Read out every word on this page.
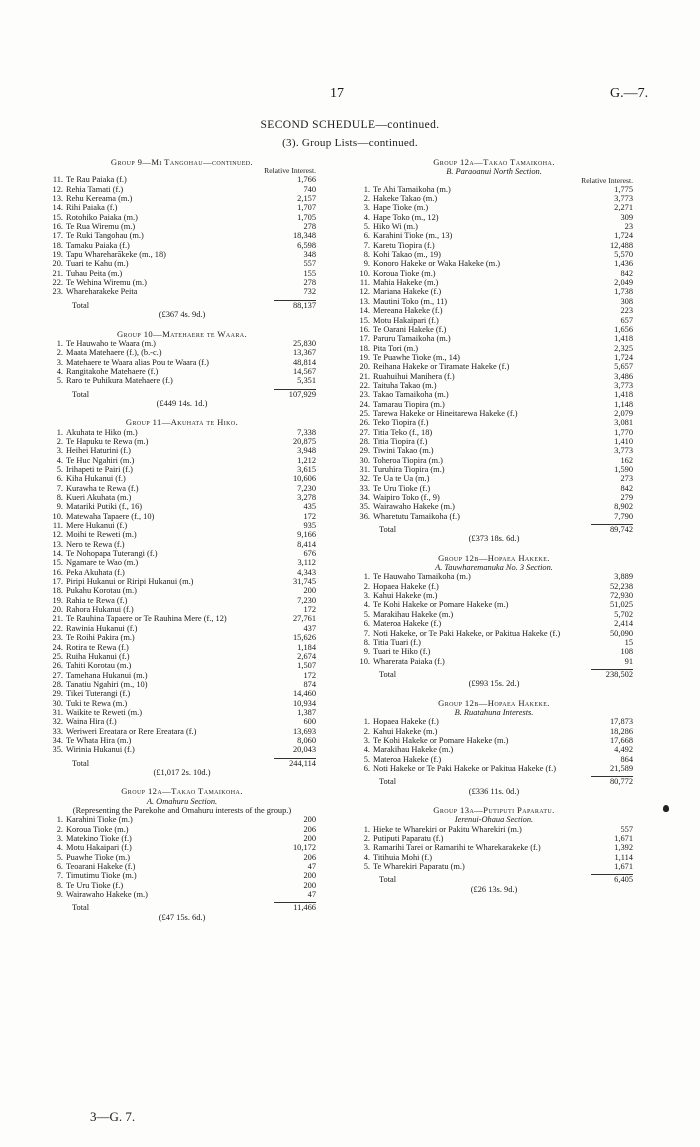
17	G.—7.
SECOND SCHEDULE—continued.
(3). Group Lists—continued.
Group 9—Mi Tangohau—continued.
Relative Interest.
11. Te Rau Paiaka (f.)	1,766
12. Rehia Tamati (f.)	740
13. Rehu Kereama (m.)	2,157
14. Rihi Paiaka (f.)	1,707
15. Rotohiko Paiaka (m.)	1,705
16. Te Rua Wiremu (m.)	278
17. Te Ruki Tangohau (m.)	18,348
18. Tamaku Paiaka (f.)	6,598
19. Tapu Whareharākeke (m., 18)	348
20. Tuari te Kahu (m.)	557
21. Tuhau Peita (m.)	155
22. Te Wehina Wiremu (m.)	278
23. Whareharakeke Peita	732
Total	88,137
(£367 4s. 9d.)
Group 10—Matehaere te Waara.
1. Te Hauwaho te Waara (m.)	25,830
2. Maata Matehaere (f.), (b.-c.)	13,367
3. Matehaere te Waara alias Pou te Waara (f.)	48,814
4. Rangitakohe Matehaere (f.)	14,567
5. Raro te Puhikura Matehaere (f.)	5,351
Total	107,929
(£449 14s. 1d.)
Group 11—Akuhata te Hiko.
1. Akuhata te Hiko (m.)	7,338
2. Te Hapuku te Rewa (m.)	20,875
3. Heihei Haturini (f.)	3,948
4. Te Huc Ngahiri (m.)	1,212
5. Irihapeti te Pairi (f.)	3,615
6. Kiha Hukanui (f.)	10,606
7. Kurawha te Rewa (f.)	7,230
8. Kueri Akuhata (m.)	3,278
9. Matariki Putiki (f., 16)	435
10. Matewaha Tapaere (f., 10)	172
11. Mere Hukanui (f.)	935
12. Moihi te Reweti (m.)	9,166
13. Nero te Rewa (f.)	8,414
14. Te Nohopapa Tuterangi (f.)	676
15. Ngamare te Wao (m.)	3,112
16. Peka Akuhata (f.)	4,343
17. Piripi Hukanui or Riripi Hukanui (m.)	31,745
18. Pukahu Korotau (m.)	200
19. Rahia te Rewa (f.)	7,230
20. Rahora Hukanui (f.)	172
21. Te Rauhina Tapaere or Te Rauhina Mere (f., 12)	27,761
22. Rawinia Hukanui (f.)	437
23. Te Roihi Pakira (m.)	15,626
24. Rotira te Rewa (f.)	1,184
25. Ruiha Hukanui (f.)	2,674
26. Tahiti Korotau (m.)	1,507
27. Tamehana Hukanui (m.)	172
28. Tanatiu Ngahiri (m., 10)	874
29. Tikei Tuterangi (f.)	14,460
30. Tuki te Rewa (m.)	10,934
31. Waikite te Reweti (m.)	1,387
32. Waina Hira (f.)	600
33. Weriweri Ereatara or Rere Ereatara (f.)	13,693
34. Te Whata Hira (m.)	8,060
35. Wirinia Hukanui (f.)	20,043
Total	244,114
(£1,017 2s. 10d.)
Group 12a—Takao Tamaikoha.
A. Omahuru Section.
(Representing the Parekohe and Omahuru interests of the group.)
1. Karahini Tioke (m.)	200
2. Koroua Tioke (m.)	206
3. Matekino Tioke (f.)	200
4. Motu Hakaipari (f.)	10,172
5. Puawhe Tioke (m.)	206
6. Teoarani Hakeke (f.)	47
7. Timutimu Tioke (m.)	200
8. Te Uru Tioke (f.)	200
9. Wairawaho Hakeke (m.)	47
Total	11,466
(£47 15s. 6d.)
Group 12a—Takao Tamaikoha.
B. Paraoanui North Section.
Relative Interest.
1. Te Ahi Tamaikoha (m.)	1,775
2. Hakeke Takao (m.)	3,773
3. Hape Tioke (m.)	2,271
4. Hape Toko (m., 12)	309
5. Hiko Wi (m.)	23
6. Karahini Tioke (m., 13)	1,724
7. Karetu Tiopira (f.)	12,488
8. Kohi Takao (m., 19)	5,570
9. Konoro Hakeke or Waka Hakeke (m.)	1,436
10. Koroua Tioke (m.)	842
11. Mahia Hakeke (m.)	2,049
12. Mariana Hakeke (f.)	1,738
13. Mautini Toko (m., 11)	308
14. Mereana Hakeke (f.)	223
15. Motu Hakaipari (f.)	657
16. Te Oarani Hakeke (f.)	1,656
17. Paruru Tamaikoha (m.)	1,418
18. Pita Tori (m.)	2,325
19. Te Puawhe Tioke (m., 14)	1,724
20. Reihana Hakeke or Tiramate Hakeke (f.)	5,657
21. Ruahuihui Manihera (f.)	3,486
22. Taituha Takao (m.)	3,773
23. Takao Tamaikoha (m.)	1,418
24. Tamarau Tiopira (m.)	1,148
25. Tarewa Hakeke or Hineitarewa Hakeke (f.)	2,079
26. Teko Tiopira (f.)	3,081
27. Titia Teko (f., 18)	1,770
28. Titia Tiopira (f.)	1,410
29. Tiwini Takao (m.)	3,773
30. Toheroa Tiopira (m.)	162
31. Turuhira Tiopira (m.)	1,590
32. Te Ua te Ua (m.)	273
33. Te Uru Tioke (f.)	842
34. Waipiro Toko (f., 9)	279
35. Wairawaho Hakeke (m.)	8,902
36. Wharetutu Tamaikoha (f.)	7,790
Total	89,742
(£373 18s. 6d.)
Group 12b—Hopaea Hakeke.
A. Tauwharemanuka No. 3 Section.
1. Te Hauwaho Tamaikoha (m.)	3,889
2. Hopaea Hakeke (f.)	52,238
3. Kahui Hakeke (m.)	72,930
4. Te Kohi Hakeke or Pomare Hakeke (m.)	51,025
5. Marakihau Hakeke (m.)	5,702
6. Materoa Hakeke (f.)	2,414
7. Noti Hakeke, or Te Paki Hakeke, or Pakitua Hakeke (f.)	50,090
8. Titia Tuari (f.)	15
9. Tuari te Hiko (f.)	108
10. Wharerata Paiaka (f.)	91
Total	238,502
(£993 15s. 2d.)
Group 12b—Hopaea Hakeke.
B. Ruatahuna Interests.
1. Hopaea Hakeke (f.)	17,873
2. Kahui Hakeke (m.)	18,286
3. Te Kohi Hakeke or Pomare Hakeke (m.)	17,668
4. Marakihau Hakeke (m.)	4,492
5. Materoa Hakeke (f.)	864
6. Noti Hakeke or Te Paki Hakeke or Pakitua Hakeke (f.)	21,589
Total	80,772
(£336 11s. 0d.)
Group 13a—Putiputi Paparatu.
Ierenui-Ohaua Section.
1. Hieke te Wharekiri or Pakitu Wharekiri (m.)	557
2. Putiputi Paparatu (f.)	1,671
3. Ramarihi Tarei or Ramarihi te Wharekarakeke (f.)	1,392
4. Titihuia Mohi (f.)	1,114
5. Te Wharekiri Paparatu (m.)	1,671
Total	6,405
(£26 13s. 9d.)
3—G. 7.
